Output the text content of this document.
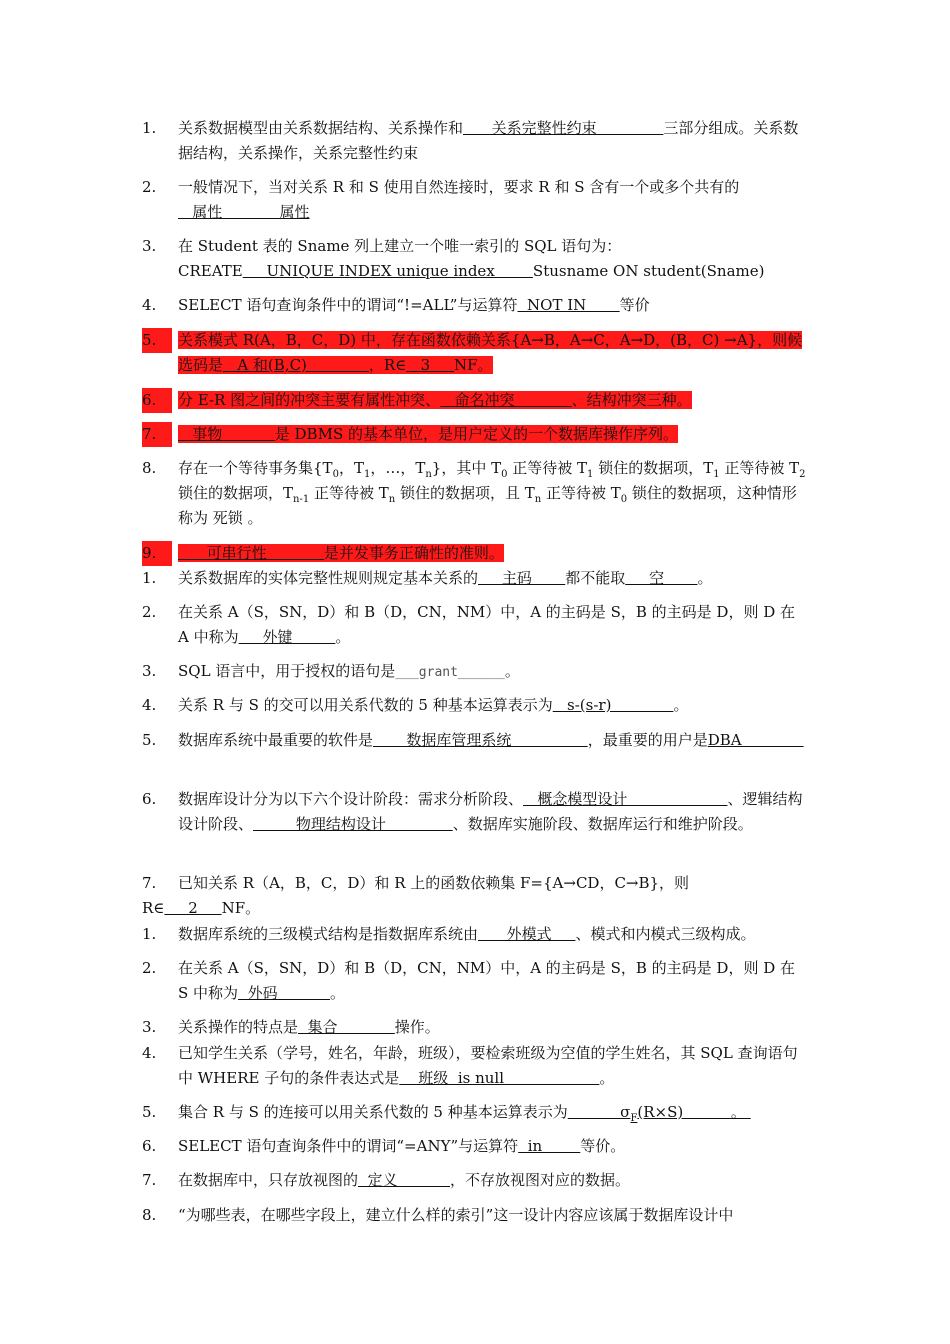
1.	关系数据模型由关系数据结构、关系操作和      关系完整性约束              三部分组成。关系数据结构，关系操作，关系完整性约束
2.	一般情况下，当对关系 R 和 S 使用自然连接时，要求 R 和 S 含有一个或多个共有的   属性            属性
3.	在 Student 表的 Sname 列上建立一个唯一索引的 SQL 语句为：
CREATE     UNIQUE INDEX unique index        Stusname ON student(Sname)
4.	SELECT 语句查询条件中的谓词“!=ALL”与运算符  NOT IN       等价
5.	关系模式 R(A，B，C，D) 中，存在函数依赖关系{A→B，A→C，A→D，(B，C) →A}，则候选码是   A 和(B,C)             ，R∈   3     NF。
6.	分 E-R 图之间的冲突主要有属性冲突、   命名冲突            、结构冲突三种。
7.	事物           是 DBMS 的基本单位，是用户定义的一个数据库操作序列。
8.	存在一个等待事务集{$T_0$，$T_1$，…，$T_n$}，其中 $T_0$ 正等待被 $T_1$ 锁住的数据项，$T_1$ 正等待被 $T_2$ 锁住的数据项，$T_{n-1}$ 正等待被 $T_n$ 锁住的数据项，且 $T_n$ 正等待被 $T_0$ 锁住的数据项，这种情形称为 死锁 。
9.	可串行性            是并发事务正确性的准则。
1.	关系数据库的实体完整性规则规定基本关系的     主码       都不能取     空       。
2.	在关系 A（S，SN，D）和 B（D，CN，NM）中，A 的主码是 S，B 的主码是 D，则 D 在 A 中称为     外键         。
3.	SQL 语言中，用于授权的语句是___grant______。
4.	关系 R 与 S 的交可以用关系代数的 5 种基本运算表示为   s-(s-r)             。
5.	数据库系统中最重要的软件是       数据库管理系统                ，最重要的用户是DBA
6.	数据库设计分为以下六个设计阶段：需求分析阶段、   概念模型设计                     、逻辑结构设计阶段、         物理结构设计              、数据库实施阶段、数据库运行和维护阶段。
7.	已知关系 R（A，B，C，D）和 R 上的函数依赖集 F={A→CD，C→B}，则
R∈     2     NF。
1.	数据库系统的三级模式结构是指数据库系统由      外模式     、模式和内模式三级构成。
2.	在关系 A（S，SN，D）和 B（D，CN，NM）中，A 的主码是 S，B 的主码是 D，则 D 在 S 中称为  外码           。
3.	关系操作的特点是  集合            操作。
4.	已知学生关系（学号，姓名，年龄，班级），要检索班级为空值的学生姓名，其 SQL 查询语句中 WHERE 子句的条件表达式是    班级  is null                    。
5.	集合 R 与 S 的连接可以用关系代数的 5 种基本运算表示为           $\sigma_F(R\times S)$          。
6.	SELECT 语句查询条件中的谓词“=ANY”与运算符  in        等价。
7.	在数据库中，只存放视图的  定义           ，不存放视图对应的数据。
8.	“为哪些表，在哪些字段上，建立什么样的索引”这一设计内容应该属于数据库设计中
